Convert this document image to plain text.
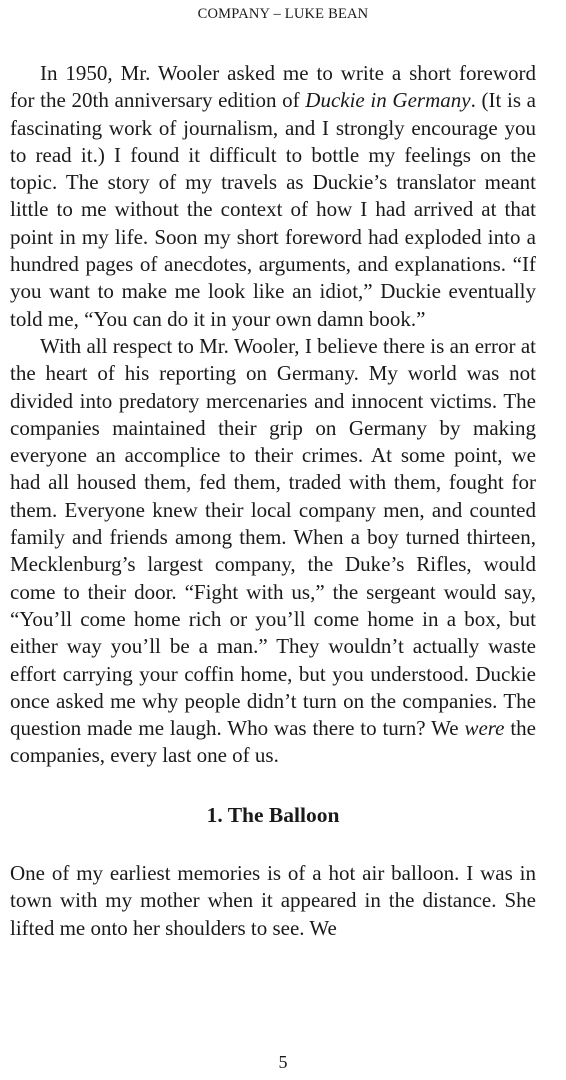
COMPANY – LUKE BEAN

In 1950, Mr. Wooler asked me to write a short foreword for the 20th anniversary edition of Duckie in Germany. (It is a fascinating work of journalism, and I strongly encourage you to read it.) I found it difficult to bottle my feelings on the topic. The story of my travels as Duckie’s translator meant little to me without the context of how I had arrived at that point in my life. Soon my short foreword had exploded into a hundred pages of anecdotes, arguments, and explanations. “If you want to make me look like an idiot,” Duckie eventually told me, “You can do it in your own damn book.”

With all respect to Mr. Wooler, I believe there is an error at the heart of his reporting on Germany. My world was not divided into predatory mercenaries and innocent victims. The companies maintained their grip on Germany by making everyone an accomplice to their crimes. At some point, we had all housed them, fed them, traded with them, fought for them. Everyone knew their local company men, and counted family and friends among them. When a boy turned thirteen, Mecklenburg’s largest company, the Duke’s Rifles, would come to their door. “Fight with us,” the sergeant would say, “You’ll come home rich or you’ll come home in a box, but either way you’ll be a man.” They wouldn’t actually waste effort carrying your coffin home, but you understood. Duckie once asked me why people didn’t turn on the companies. The question made me laugh. Who was there to turn? We were the companies, every last one of us.

1. The Balloon

One of my earliest memories is of a hot air balloon. I was in town with my mother when it appeared in the distance. She lifted me onto her shoulders to see. We

5
